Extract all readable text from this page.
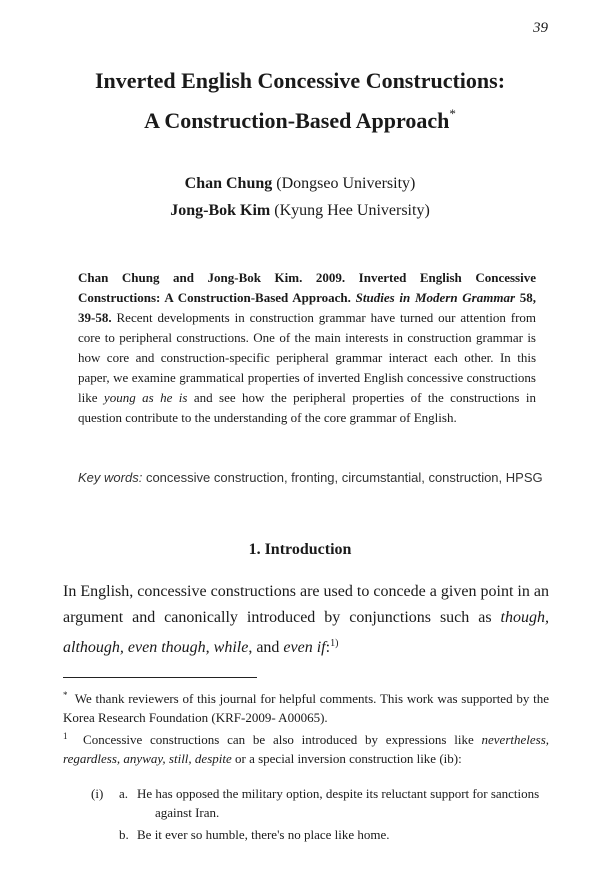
39
Inverted English Concessive Constructions:
A Construction-Based Approach*
Chan Chung (Dongseo University)
Jong-Bok Kim (Kyung Hee University)
Chan Chung and Jong-Bok Kim. 2009. Inverted English Concessive Constructions: A Construction-Based Approach. Studies in Modern Grammar 58, 39-58. Recent developments in construction grammar have turned our attention from core to peripheral constructions. One of the main interests in construction grammar is how core and construction-specific peripheral grammar interact each other. In this paper, we examine grammatical properties of inverted English concessive constructions like young as he is and see how the peripheral properties of the constructions in question contribute to the understanding of the core grammar of English.
Key words: concessive construction, fronting, circumstantial, construction, HPSG
1. Introduction
In English, concessive constructions are used to concede a given point in an argument and canonically introduced by conjunctions such as though, although, even though, while, and even if:$^{1)}$
* We thank reviewers of this journal for helpful comments. This work was supported by the Korea Research Foundation (KRF-2009- A00065).
$^1$ Concessive constructions can be also introduced by expressions like nevertheless, regardless, anyway, still, despite or a special inversion construction like (ib):
(i)	a. He has opposed the military option, despite its reluctant support for sanctions
against Iran.
b. Be it ever so humble, there's no place like home.
